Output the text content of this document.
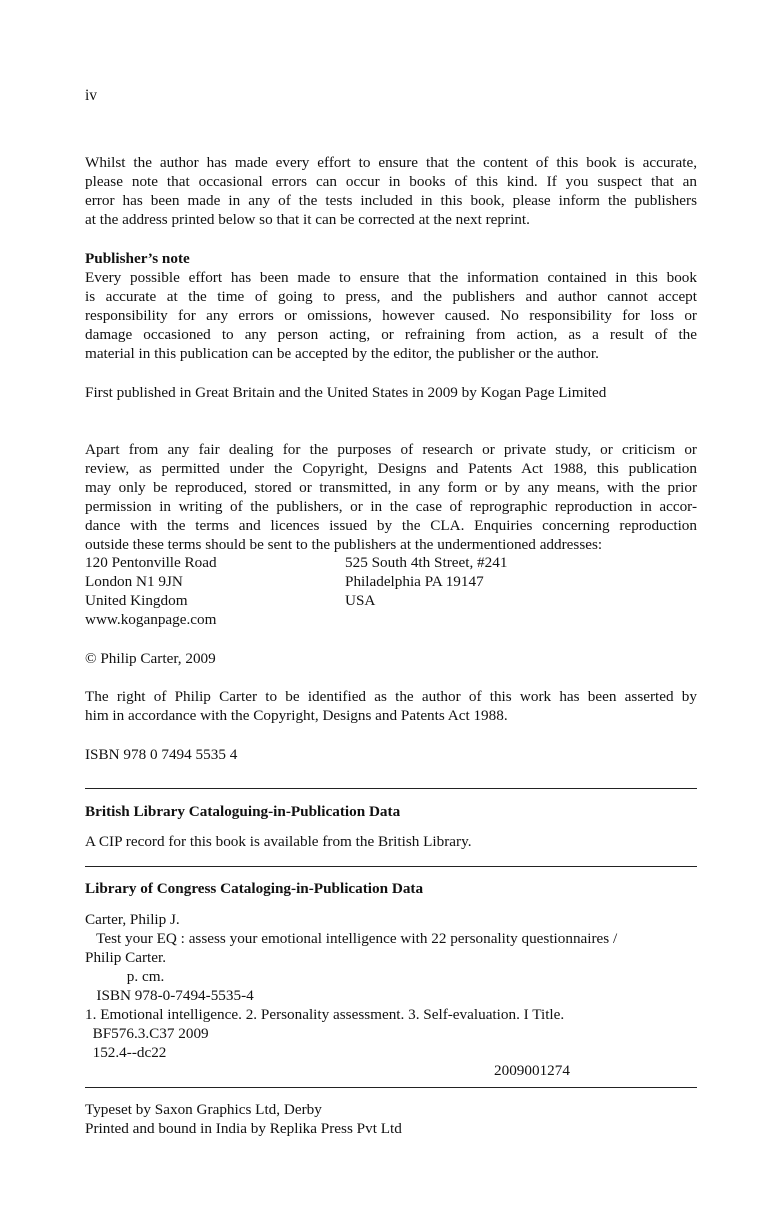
iv

Whilst the author has made every effort to ensure that the content of this book is accurate,
please note that occasional errors can occur in books of this kind. If you suspect that an
error has been made in any of the tests included in this book, please inform the publishers
at the address printed below so that it can be corrected at the next reprint.

Publisher’s note

Every possible effort has been made to ensure that the information contained in this book
is accurate at the time of going to press, and the publishers and author cannot accept
responsibility for any errors or omissions, however caused. No responsibility for loss or
damage occasioned to any person acting, or refraining from action, as a result of the
material in this publication can be accepted by the editor, the publisher or the author.

First published in Great Britain and the United States in 2009 by Kogan Page Limited

Apart from any fair dealing for the purposes of research or private study, or criticism or
review, as permitted under the Copyright, Designs and Patents Act 1988, this publication
may only be reproduced, stored or transmitted, in any form or by any means, with the prior
permission in writing of the publishers, or in the case of reprographic reproduction in accor-
dance with the terms and licences issued by the CLA. Enquiries concerning reproduction
outside these terms should be sent to the publishers at the undermentioned addresses:

120 Pentonville Road
London N1 9JN
United Kingdom
www.koganpage.com
525 South 4th Street, #241
Philadelphia PA 19147
USA
© Philip Carter, 2009

The right of Philip Carter to be identified as the author of this work has been asserted by
him in accordance with the Copyright, Designs and Patents Act 1988.

ISBN 978 0 7494 5535 4
British Library Cataloguing-in-Publication Data
A CIP record for this book is available from the British Library.
Library of Congress Cataloging-in-Publication Data
Carter, Philip J.
Test your EQ : assess your emotional intelligence with 22 personality questionnaires /
Philip Carter.
p. cm.
ISBN 978-0-7494-5535-4
1. Emotional intelligence. 2. Personality assessment. 3. Self-evaluation. I Title.
BF576.3.C37 2009
152.4--dc22
2009001274
Typeset by Saxon Graphics Ltd, Derby
Printed and bound in India by Replika Press Pvt Ltd
